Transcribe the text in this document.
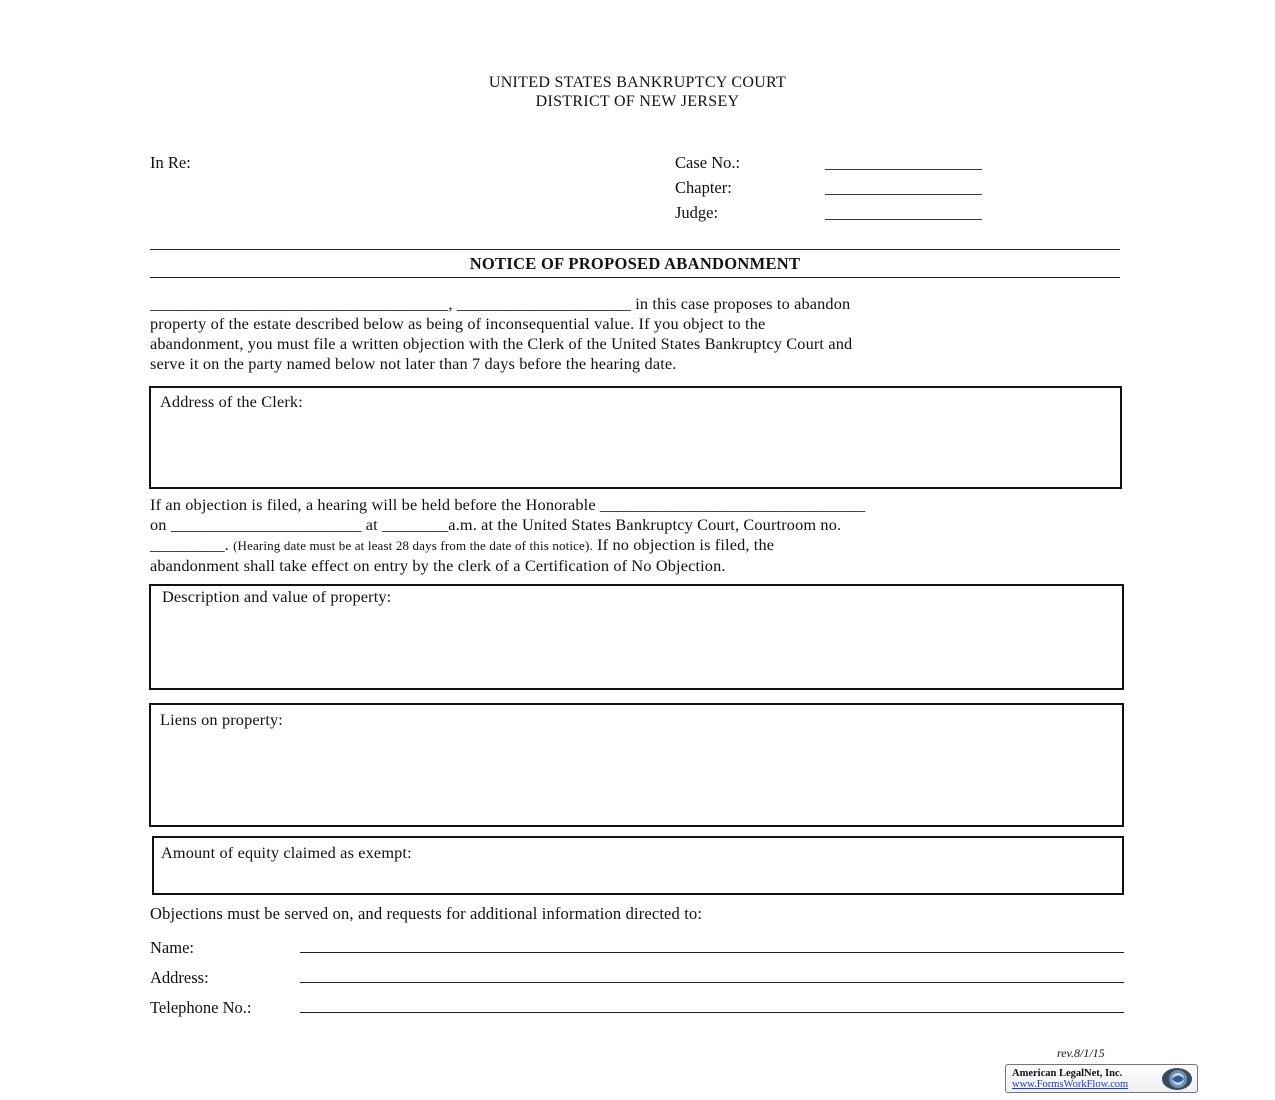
UNITED STATES BANKRUPTCY COURT
DISTRICT OF NEW JERSEY
In Re:	Case No.:	___________________
Chapter:	___________________
Judge:	___________________
NOTICE OF PROPOSED ABANDONMENT
____________________________________, _____________________ in this case proposes to abandon
property of the estate described below as being of inconsequential value. If you object to the
abandonment, you must file a written objection with the Clerk of the United States Bankruptcy Court and
serve it on the party named below not later than 7 days before the hearing date.
Address of the Clerk:
If an objection is filed, a hearing will be held before the Honorable ________________________________
on _______________________ at ________a.m. at the United States Bankruptcy Court, Courtroom no.
_________. (Hearing date must be at least 28 days from the date of this notice). If no objection is filed, the
abandonment shall take effect on entry by the clerk of a Certification of No Objection.
Description and value of property:
Liens on property:
Amount of equity claimed as exempt:
Objections must be served on, and requests for additional information directed to:
Name:
Address:
Telephone No.:
rev.8/1/15
American LegalNet, Inc.
www.FormsWorkFlow.com
